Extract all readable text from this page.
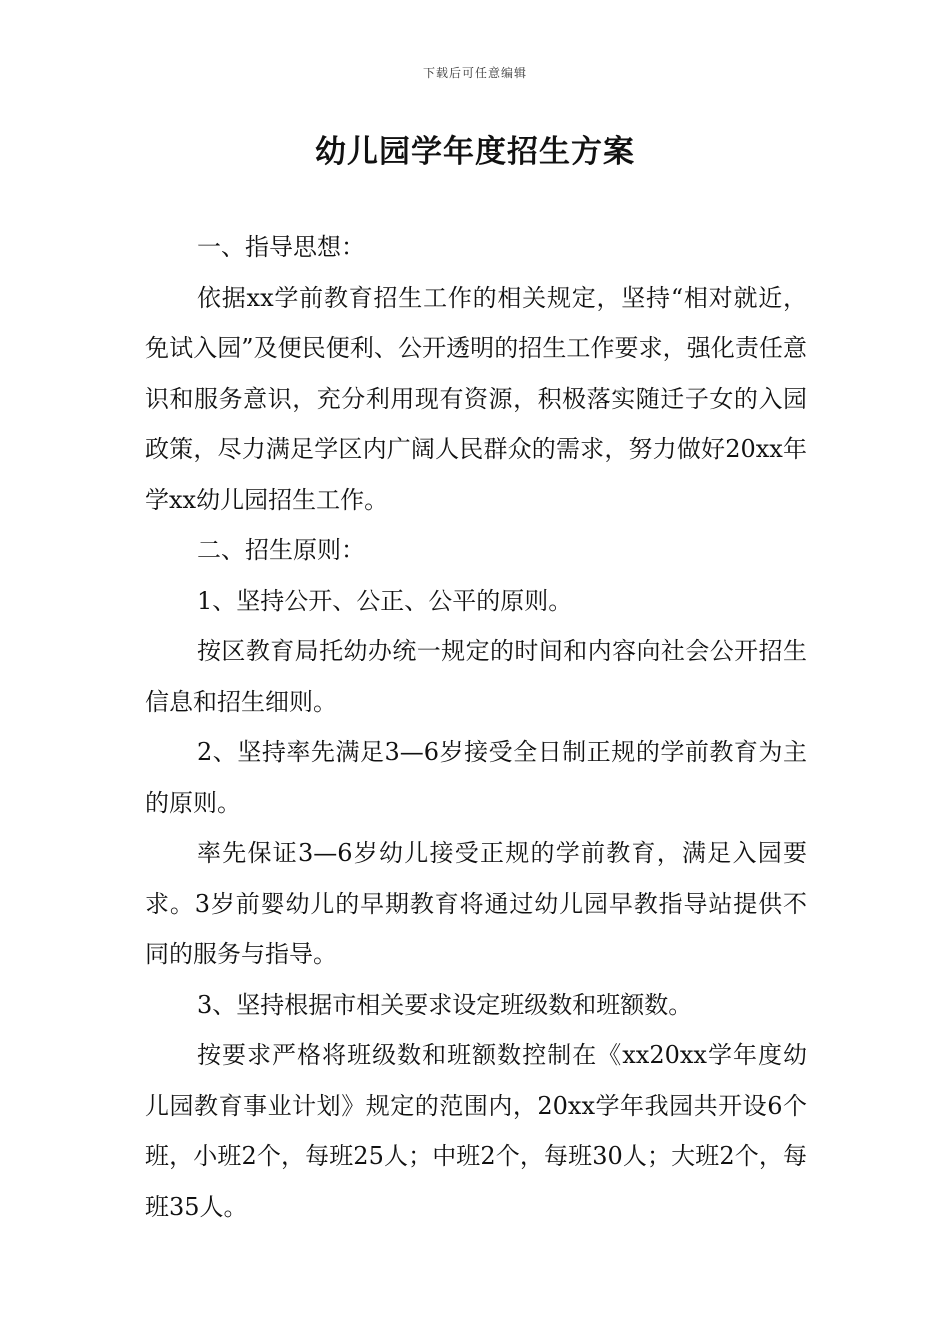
下载后可任意编辑
幼儿园学年度招生方案

一、指导思想：

依据xx学前教育招生工作的相关规定，坚持“相对就近，免试入园”及便民便利、公开透明的招生工作要求，强化责任意识和服务意识，充分利用现有资源，积极落实随迁子女的入园政策，尽力满足学区内广阔人民群众的需求，努力做好20xx年学xx幼儿园招生工作。

二、招生原则：

1、坚持公开、公正、公平的原则。

按区教育局托幼办统一规定的时间和内容向社会公开招生信息和招生细则。

2、坚持率先满足3—6岁接受全日制正规的学前教育为主的原则。

率先保证3—6岁幼儿接受正规的学前教育，满足入园要求。3岁前婴幼儿的早期教育将通过幼儿园早教指导站提供不同的服务与指导。

3、坚持根据市相关要求设定班级数和班额数。

按要求严格将班级数和班额数控制在《xx20xx学年度幼儿园教育事业计划》规定的范围内，20xx学年我园共开设6个班，小班2个，每班25人；中班2个，每班30人；大班2个，每班35人。
